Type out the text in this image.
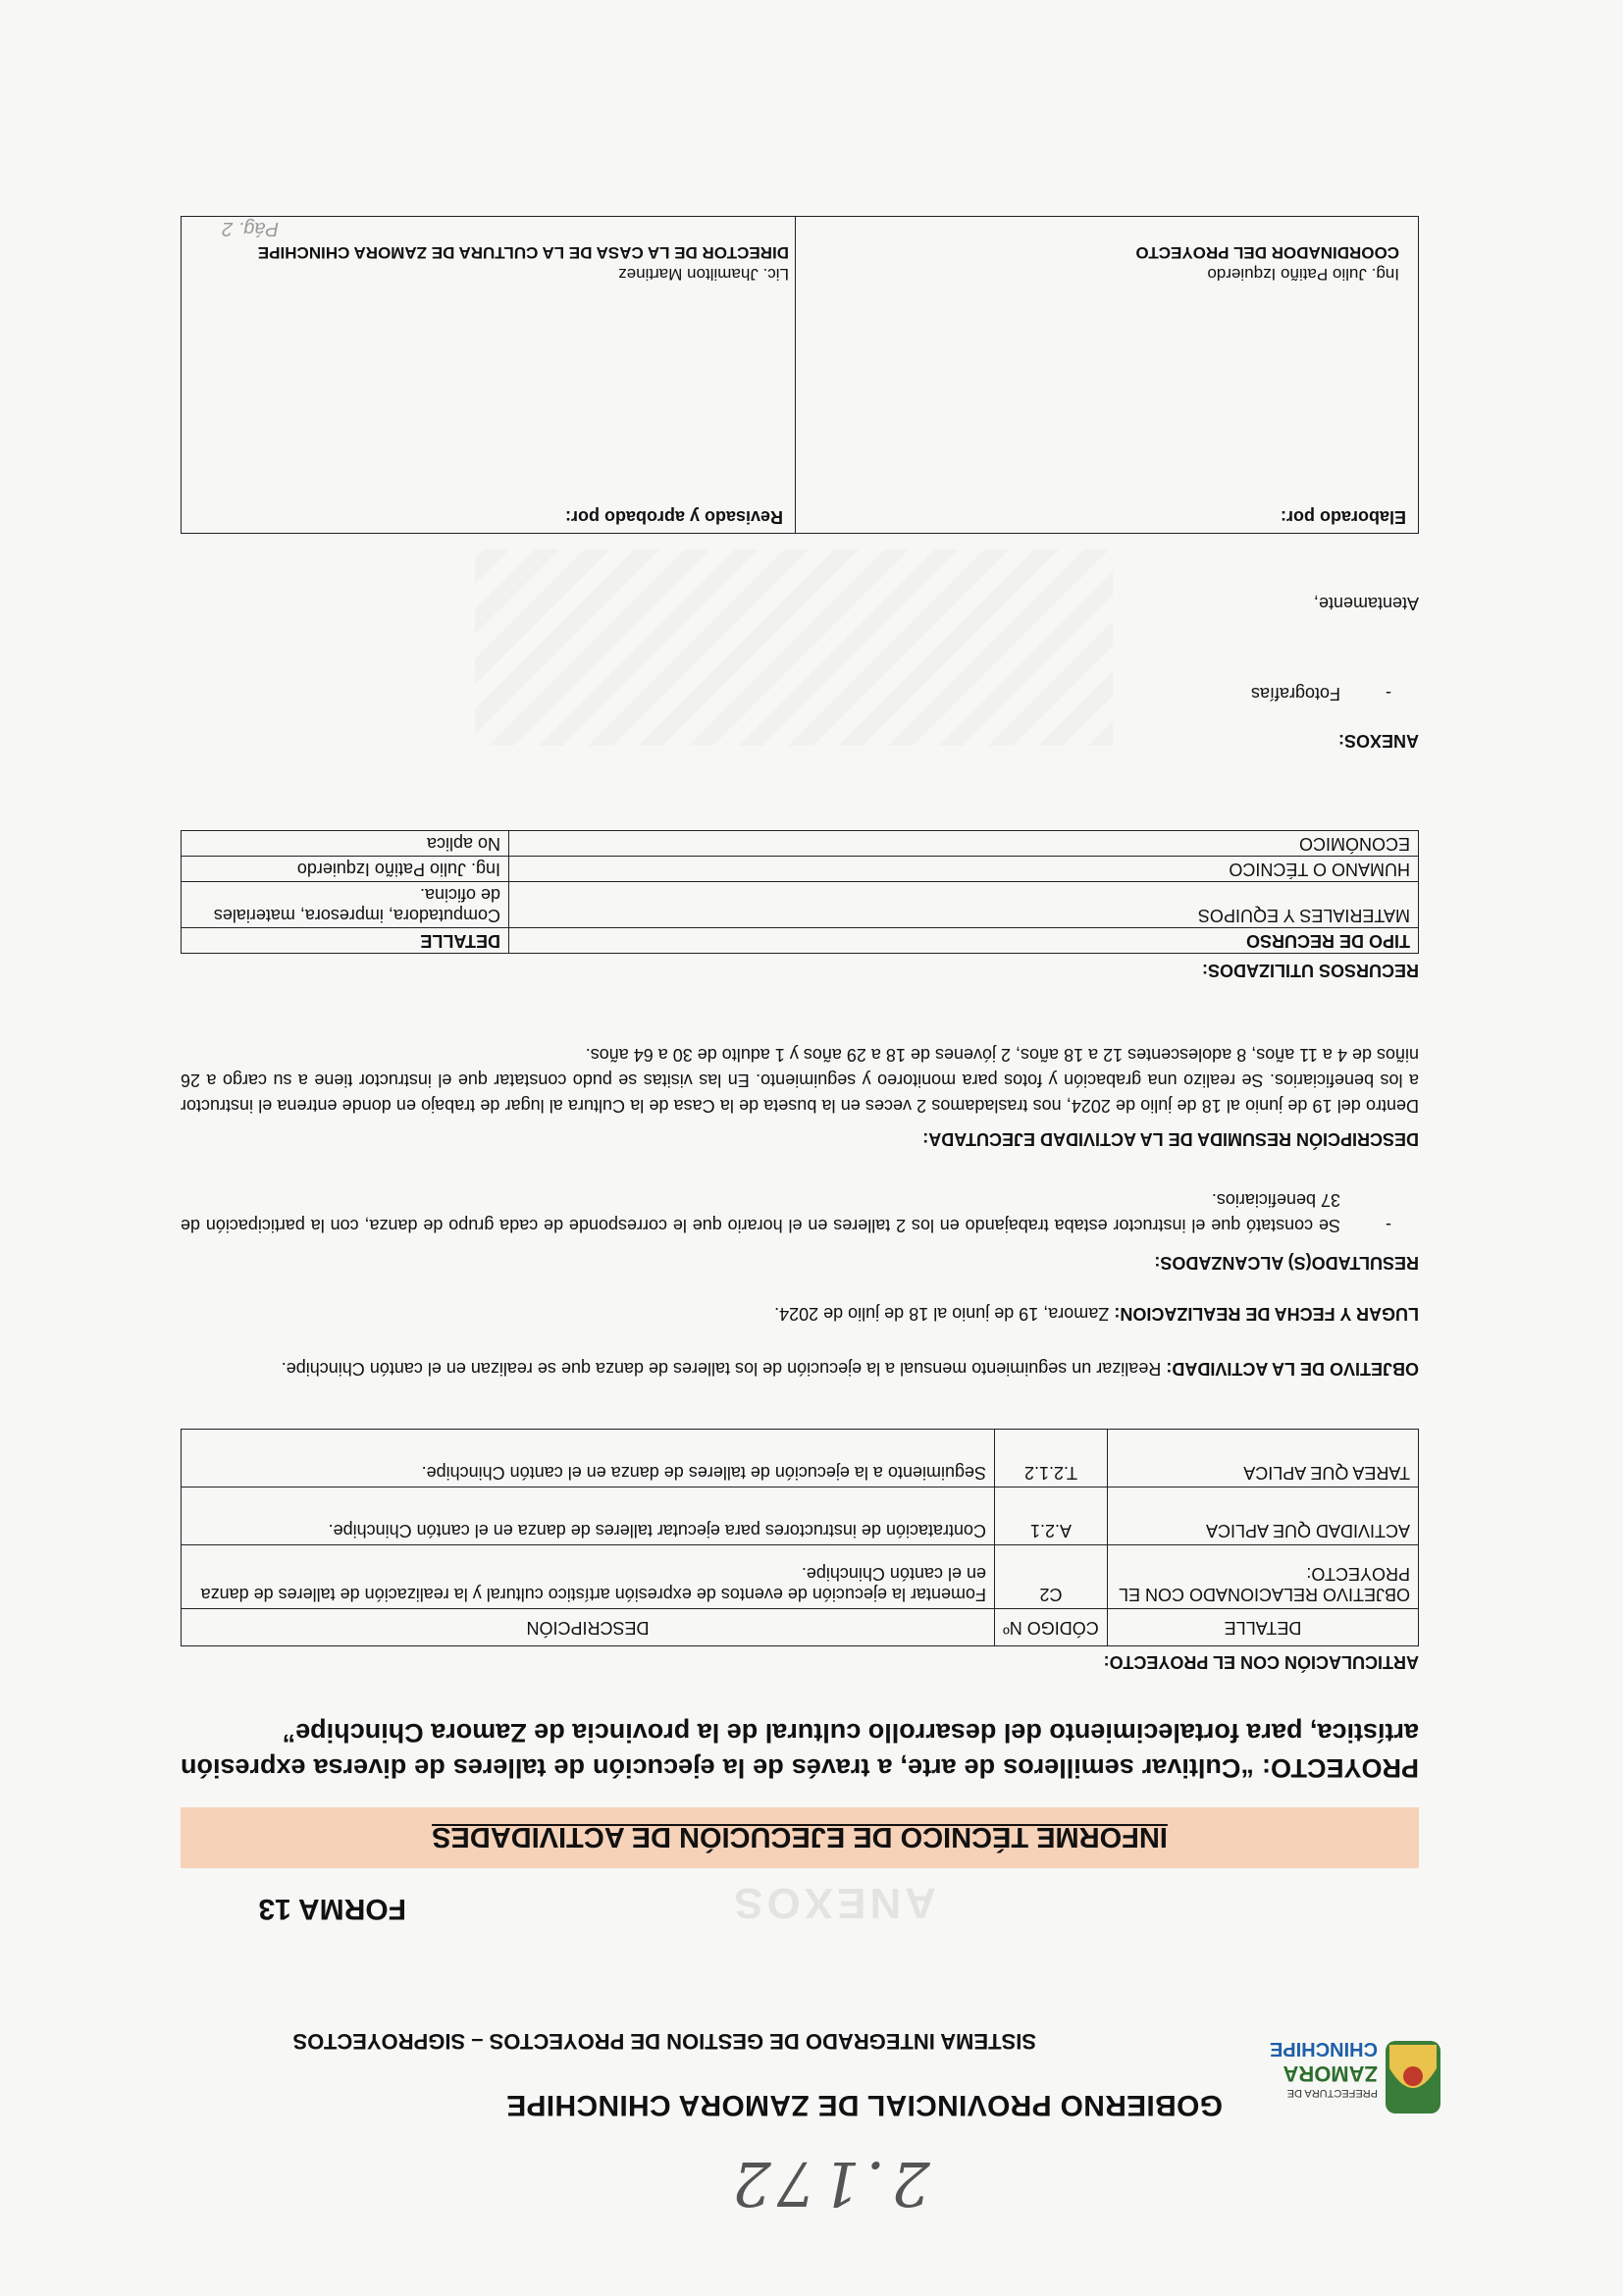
2.172
PREFECTURA DE
ZAMORA
CHINCHIPE
GOBIERNO PROVINCIAL DE ZAMORA CHINCHIPE
SISTEMA INTEGRADO DE GESTION DE PROYECTOS – SIGPROYECTOS
ANEXOS
FORMA 13
INFORME TÉCNICO DE EJECUCIÓN DE ACTIVIDADES
PROYECTO: “Cultivar semilleros de arte, a través de la ejecución de talleres de diversa expresión artística, para fortalecimiento del desarrollo cultural de la provincia de Zamora Chinchipe”
ARTICULACIÓN CON EL PROYECTO:
DETALLE	CÓDIGO Nº	DESCRIPCIÓN
OBJETIVO RELACIONADO CON EL PROYECTO:	C2	Fomentar la ejecución de eventos de expresión artístico cultural y la realización de talleres de danza en el cantón Chinchipe.
ACTIVIDAD QUE APLICA	A.2.1	Contratación de instructores para ejecutar talleres de danza en el cantón Chinchipe.
TAREA QUE APLICA	T.2.1.2	Seguimiento a la ejecución de talleres de danza en el cantón Chinchipe.
OBJETIVO DE LA ACTIVIDAD: Realizar un seguimiento mensual a la ejecución de los talleres de danza que se realizan en el cantón Chinchipe.
LUGAR Y FECHA DE REALIZACION: Zamora, 19 de junio al 18 de julio de 2024.
RESULTADO(S) ALCANZADOS:
-
Se constató que el instructor estaba trabajando en los 2 talleres en el horario que le corresponde de cada grupo de danza, con la participación de 37 beneficiarios.
DESCRIPCIÓN RESUMIDA DE LA ACTIVIDAD EJECUTADA:
Dentro del 19 de junio al 18 de julio de 2024, nos trasladamos 2 veces en la buseta de la Casa de la Cultura al lugar de trabajo en donde entrena el instructor a los beneficiarios. Se realizo una grabación y fotos para monitoreo y seguimiento. En las visitas se pudo constatar que el instructor tiene a su cargo a 26 niños de 4 a 11 años, 8 adolescentes 12 a 18 años, 2 jóvenes de 18 a 29 años y 1 adulto de 30 a 64 años.
RECURSOS UTILIZADOS:
TIPO DE RECURSO	DETALLE
MATERIALES Y EQUIPOS	Computadora, impresora, materiales de oficina.
HUMANO O TÉCNICO	Ing. Julio Patiño Izquierdo
ECONÓMICO	No aplica
ANEXOS:
-
Fotografías
Atentamente,
Elaborado por:

Revisado y aprobado por:
Ing. Julio Patiño Izquierdo
COORDINADOR DEL PROYECTO
Lic. Jhamilton Martinez
DIRECTOR DE LA CASA DE LA CULTURA DE ZAMORA CHINCHIPE
Pág. 2
